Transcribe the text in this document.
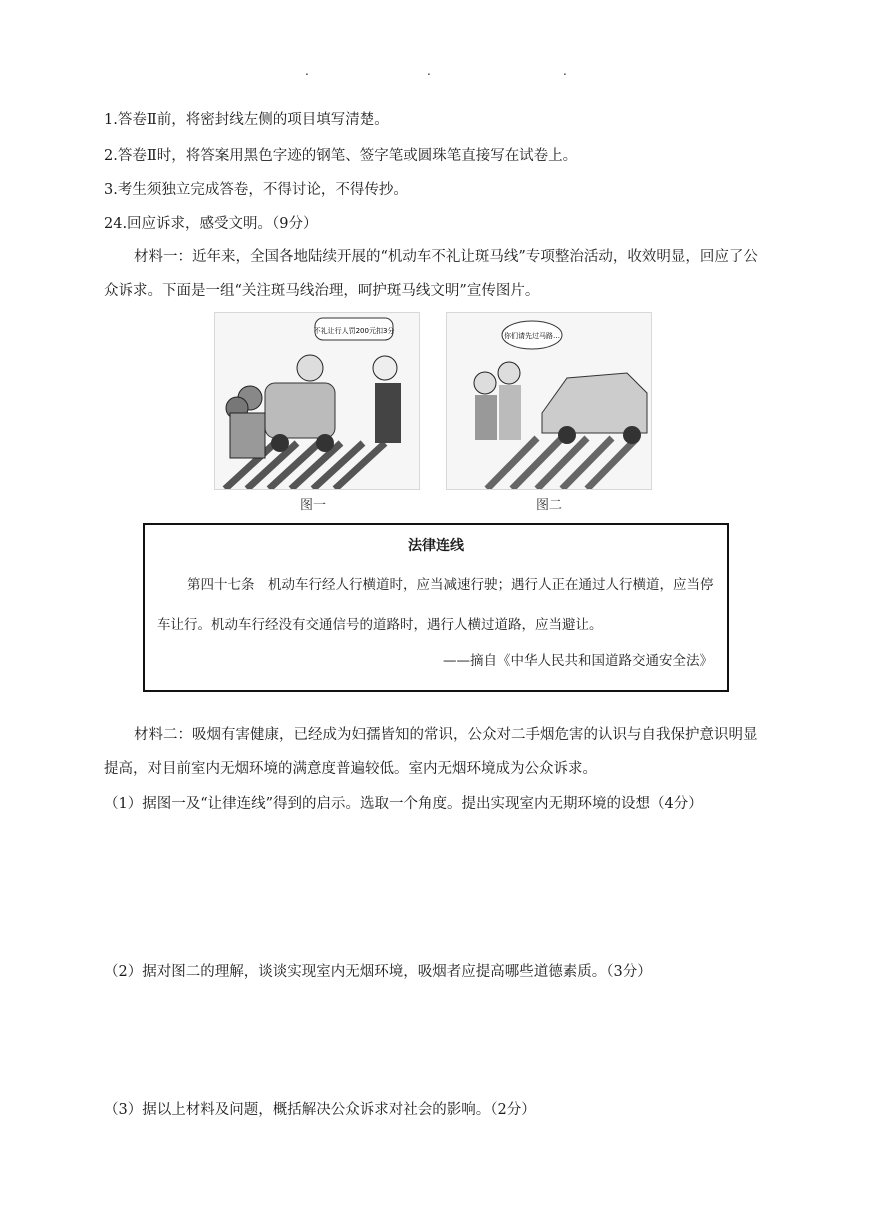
.	.	.
1.答卷Ⅱ前，将密封线左侧的项目填写清楚。
2.答卷Ⅱ时，将答案用黑色字迹的钢笔、签字笔或圆珠笔直接写在试卷上。
3.考生须独立完成答卷，不得讨论，不得传抄。
24.回应诉求，感受文明。（9分）
材料一：近年来，全国各地陆续开展的“机动车不礼让斑马线”专项整治活动，收效明显，回应了公众诉求。下面是一组“关注斑马线治理，呵护斑马线文明”宣传图片。
不礼让行人罚200元扣3分
图一
你们请先过马路…
图二
法律连线
第四十七条　机动车行经人行横道时，应当减速行驶；遇行人正在通过人行横道，应当停车让行。机动车行经没有交通信号的道路时，遇行人横过道路，应当避让。
——摘自《中华人民共和国道路交通安全法》
材料二：吸烟有害健康，已经成为妇孺皆知的常识，公众对二手烟危害的认识与自我保护意识明显提高，对目前室内无烟环境的满意度普遍较低。室内无烟环境成为公众诉求。
（1）据图一及“让律连线”得到的启示。选取一个角度。提出实现室内无期环境的设想（4分）
（2）据对图二的理解，谈谈实现室内无烟环境，吸烟者应提高哪些道德素质。（3分）
（3）据以上材料及问题，概括解决公众诉求对社会的影响。（2分）
